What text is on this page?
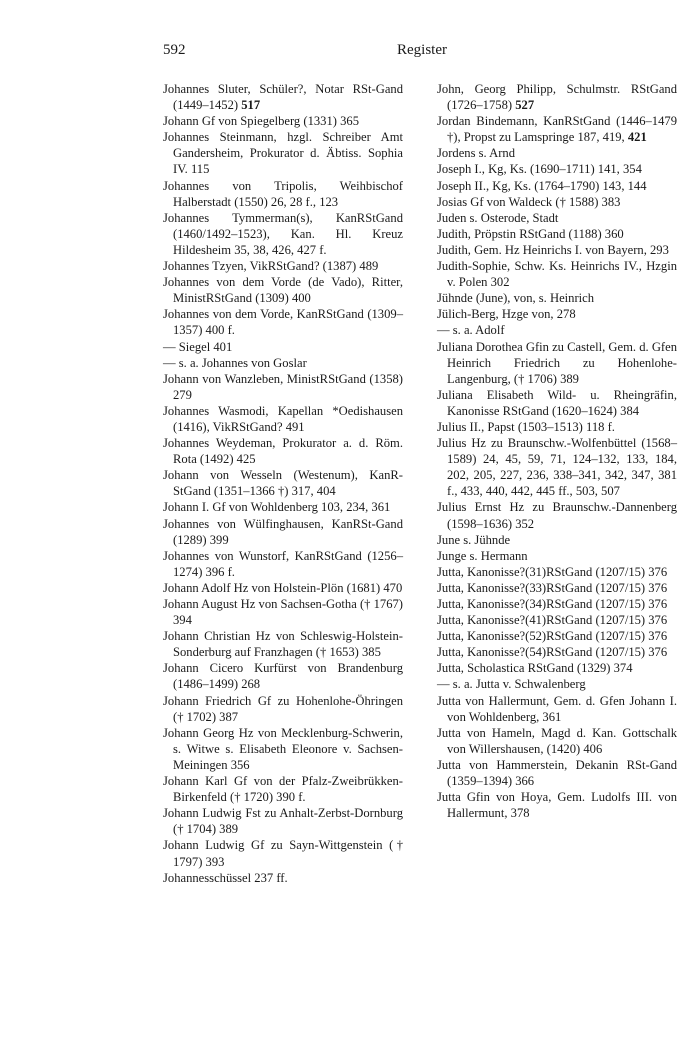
592	Register

Johannes Sluter, Schüler?, Notar RSt-Gand (1449–1452) 517

Johann Gf von Spiegelberg (1331) 365

Johannes Steinmann, hzgl. Schreiber Amt Gandersheim, Prokurator d. Äbtiss. Sophia IV. 115

Johannes von Tripolis, Weihbischof Halberstadt (1550) 26, 28 f., 123

Johannes Tymmerman(s), KanRStGand (1460/1492–1523), Kan. Hl. Kreuz Hildesheim 35, 38, 426, 427 f.

Johannes Tzyen, VikRStGand? (1387) 489

Johannes von dem Vorde (de Vado), Ritter, MinistRStGand (1309) 400

Johannes von dem Vorde, KanRStGand (1309–1357) 400 f.

— Siegel 401

— s. a. Johannes von Goslar

Johann von Wanzleben, MinistRStGand (1358) 279

Johannes Wasmodi, Kapellan *Oedishausen (1416), VikRStGand? 491

Johannes Weydeman, Prokurator a. d. Röm. Rota (1492) 425

Johann von Wesseln (Westenum), KanR-StGand (1351–1366 †) 317, 404

Johann I. Gf von Wohldenberg 103, 234, 361

Johannes von Wülfinghausen, KanRSt-Gand (1289) 399

Johannes von Wunstorf, KanRStGand (1256–1274) 396 f.

Johann Adolf Hz von Holstein-Plön (1681) 470

Johann August Hz von Sachsen-Gotha († 1767) 394

Johann Christian Hz von Schleswig-Holstein-Sonderburg auf Franzhagen († 1653) 385

Johann Cicero Kurfürst von Brandenburg (1486–1499) 268

Johann Friedrich Gf zu Hohenlohe-Öhringen († 1702) 387

Johann Georg Hz von Mecklenburg-Schwerin, s. Witwe s. Elisabeth Eleonore v. Sachsen-Meiningen 356

Johann Karl Gf von der Pfalz-Zweibrükken-Birkenfeld († 1720) 390 f.

Johann Ludwig Fst zu Anhalt-Zerbst-Dornburg († 1704) 389

Johann Ludwig Gf zu Sayn-Wittgenstein († 1797) 393

Johannesschüssel 237 ff.

John, Georg Philipp, Schulmstr. RStGand (1726–1758) 527

Jordan Bindemann, KanRStGand (1446–1479 †), Propst zu Lamspringe 187, 419, 421

Jordens s. Arnd

Joseph I., Kg, Ks. (1690–1711) 141, 354

Joseph II., Kg, Ks. (1764–1790) 143, 144

Josias Gf von Waldeck († 1588) 383

Juden s. Osterode, Stadt

Judith, Pröpstin RStGand (1188) 360

Judith, Gem. Hz Heinrichs I. von Bayern, 293

Judith-Sophie, Schw. Ks. Heinrichs IV., Hzgin v. Polen 302

Jühnde (June), von, s. Heinrich

Jülich-Berg, Hzge von, 278

— s. a. Adolf

Juliana Dorothea Gfin zu Castell, Gem. d. Gfen Heinrich Friedrich zu Hohenlohe-Langenburg, († 1706) 389

Juliana Elisabeth Wild- u. Rheingräfin, Kanonisse RStGand (1620–1624) 384

Julius II., Papst (1503–1513) 118 f.

Julius Hz zu Braunschw.-Wolfenbüttel (1568–1589) 24, 45, 59, 71, 124–132, 133, 184, 202, 205, 227, 236, 338–341, 342, 347, 381 f., 433, 440, 442, 445 ff., 503, 507

Julius Ernst Hz zu Braunschw.-Dannenberg (1598–1636) 352

June s. Jühnde

Junge s. Hermann

Jutta, Kanonisse?(31)RStGand (1207/15) 376

Jutta, Kanonisse?(33)RStGand (1207/15) 376

Jutta, Kanonisse?(34)RStGand (1207/15) 376

Jutta, Kanonisse?(41)RStGand (1207/15) 376

Jutta, Kanonisse?(52)RStGand (1207/15) 376

Jutta, Kanonisse?(54)RStGand (1207/15) 376

Jutta, Scholastica RStGand (1329) 374

— s. a. Jutta v. Schwalenberg

Jutta von Hallermunt, Gem. d. Gfen Johann I. von Wohldenberg, 361

Jutta von Hameln, Magd d. Kan. Gottschalk von Willershausen, (1420) 406

Jutta von Hammerstein, Dekanin RSt-Gand (1359–1394) 366

Jutta Gfin von Hoya, Gem. Ludolfs III. von Hallermunt, 378
